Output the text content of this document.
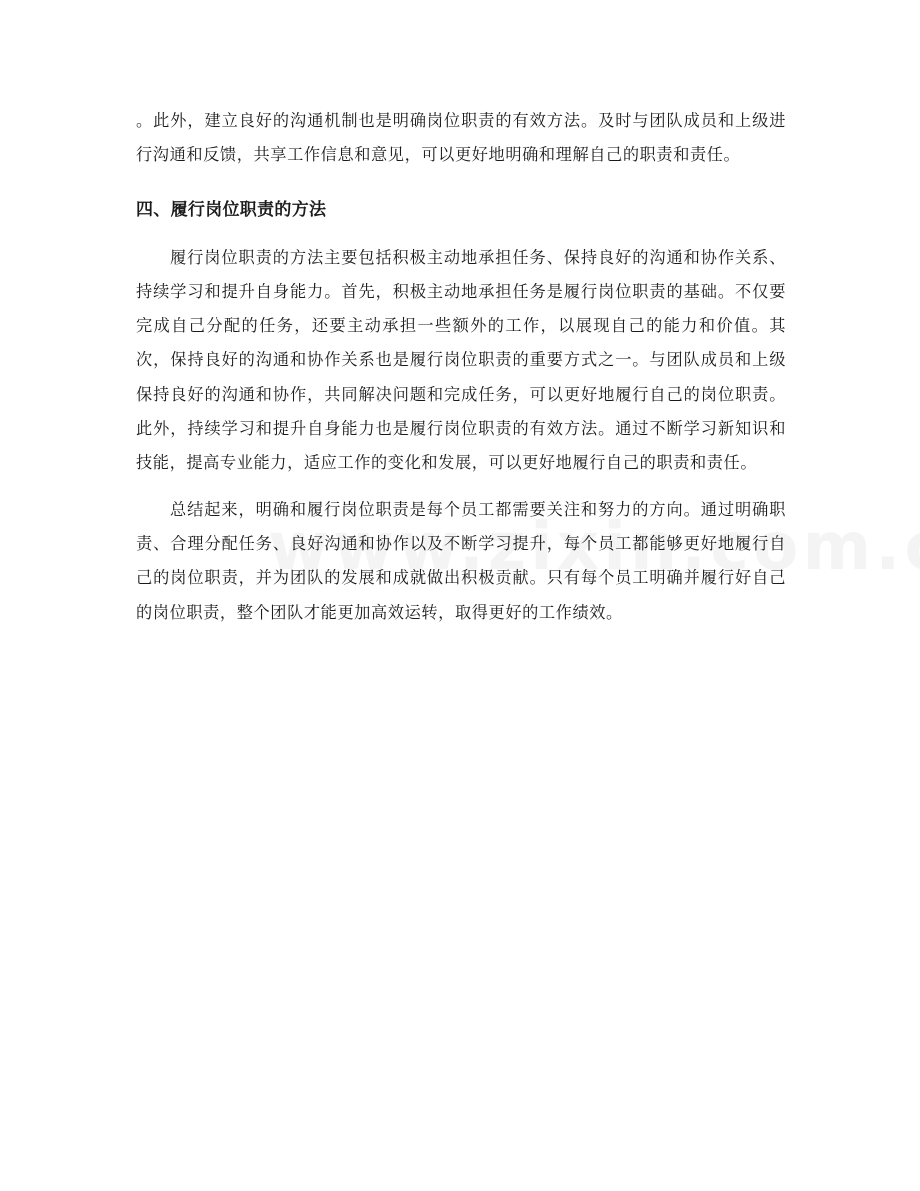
。此外，建立良好的沟通机制也是明确岗位职责的有效方法。及时与团队成员和上级进行沟通和反馈，共享工作信息和意见，可以更好地明确和理解自己的职责和责任。

四、履行岗位职责的方法

履行岗位职责的方法主要包括积极主动地承担任务、保持良好的沟通和协作关系、持续学习和提升自身能力。首先，积极主动地承担任务是履行岗位职责的基础。不仅要完成自己分配的任务，还要主动承担一些额外的工作，以展现自己的能力和价值。其次，保持良好的沟通和协作关系也是履行岗位职责的重要方式之一。与团队成员和上级保持良好的沟通和协作，共同解决问题和完成任务，可以更好地履行自己的岗位职责。此外，持续学习和提升自身能力也是履行岗位职责的有效方法。通过不断学习新知识和技能，提高专业能力，适应工作的变化和发展，可以更好地履行自己的职责和责任。

总结起来，明确和履行岗位职责是每个员工都需要关注和努力的方向。通过明确职责、合理分配任务、良好沟通和协作以及不断学习提升，每个员工都能够更好地履行自己的岗位职责，并为团队的发展和成就做出积极贡献。只有每个员工明确并履行好自己的岗位职责，整个团队才能更加高效运转，取得更好的工作绩效。
